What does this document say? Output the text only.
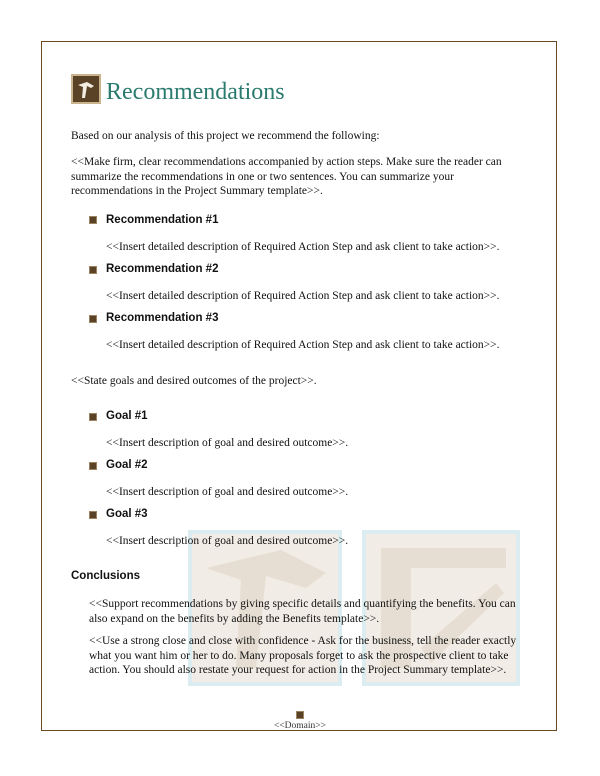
Recommendations
Based on our analysis of this project we recommend the following:
<<Make firm, clear recommendations accompanied by action steps. Make sure the reader can summarize the recommendations in one or two sentences. You can summarize your recommendations in the Project Summary template>>.
Recommendation #1
<<Insert detailed description of Required Action Step and ask client to take action>>.
Recommendation #2
<<Insert detailed description of Required Action Step and ask client to take action>>.
Recommendation #3
<<Insert detailed description of Required Action Step and ask client to take action>>.
<<State goals and desired outcomes of the project>>.
Goal #1
<<Insert description of goal and desired outcome>>.
Goal #2
<<Insert description of goal and desired outcome>>.
Goal #3
<<Insert description of goal and desired outcome>>.
Conclusions
<<Support recommendations by giving specific details and quantifying the benefits. You can also expand on the benefits by adding the Benefits template>>.
<<Use a strong close and close with confidence - Ask for the business, tell the reader exactly what you want him or her to do. Many proposals forget to ask the prospective client to take action. You should also restate your request for action in the Project Summary template>>.
<<Domain>>
